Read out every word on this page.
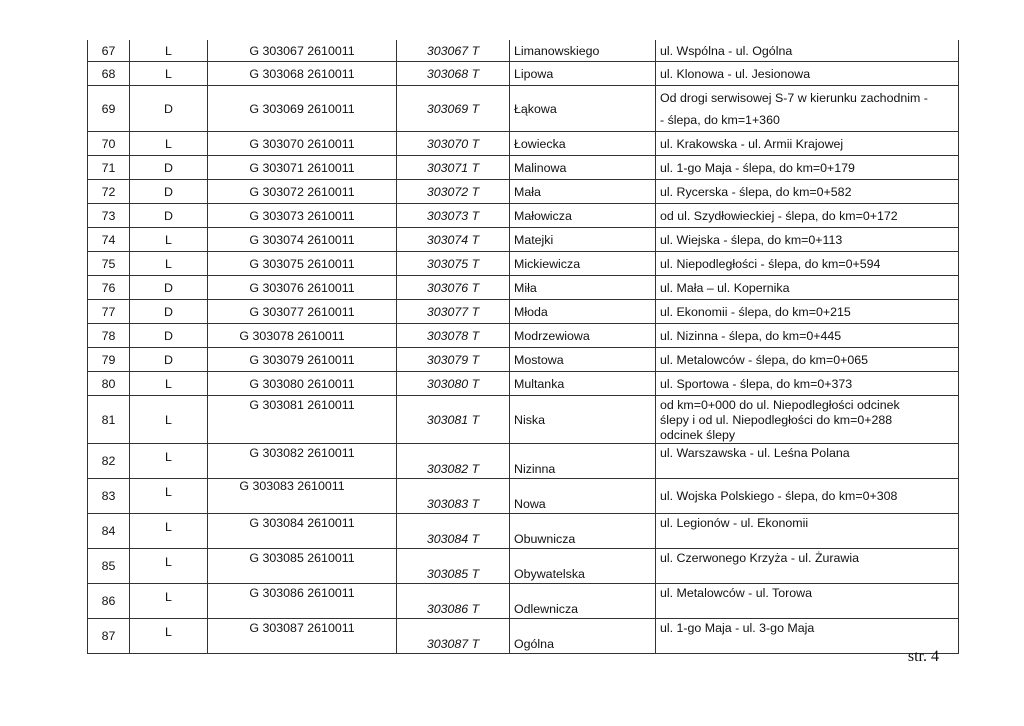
67	L	G 303067 2610011	303067 T	Limanowskiego	ul. Wspólna - ul. Ogólna
68	L	G 303068 2610011	303068 T	Lipowa	ul. Klonowa - ul. Jesionowa
69	D	G 303069 2610011	303069 T	Łąkowa	Od drogi serwisowej S-7 w kierunku zachodnim -
- ślepa, do km=1+360

70	L	G 303070 2610011	303070 T	Łowiecka	ul. Krakowska - ul. Armii Krajowej
71	D	G 303071 2610011	303071 T	Malinowa	ul. 1-go Maja - ślepa, do km=0+179
72	D	G 303072 2610011	303072 T	Mała	ul. Rycerska - ślepa, do km=0+582
73	D	G 303073 2610011	303073 T	Małowicza	od ul. Szydłowieckiej - ślepa, do km=0+172
74	L	G 303074 2610011	303074 T	Matejki	ul. Wiejska - ślepa, do km=0+113
75	L	G 303075 2610011	303075 T	Mickiewicza	ul. Niepodległości - ślepa, do km=0+594
76	D	G 303076 2610011	303076 T	Miła	ul. Mała – ul. Kopernika
77	D	G 303077 2610011	303077 T	Młoda	ul. Ekonomii - ślepa, do km=0+215
78	D	G 303078 2610011	303078 T	Modrzewiowa	ul. Nizinna - ślepa, do km=0+445
79	D	G 303079 2610011	303079 T	Mostowa	ul. Metalowców - ślepa, do km=0+065
80	L	G 303080 2610011	303080 T	Multanka	ul. Sportowa - ślepa, do km=0+373
81	L	G 303081 2610011	303081 T	Niska	od km=0+000 do ul. Niepodległości odcinek
ślepy i od ul. Niepodległości do km=0+288
odcinek ślepy

82	L	G 303082 2610011	303082 T	Nizinna	ul. Warszawska - ul. Leśna Polana
83	L	G 303083 2610011	303083 T	Nowa	ul. Wojska Polskiego - ślepa, do km=0+308
84	L	G 303084 2610011	303084 T	Obuwnicza	ul. Legionów - ul. Ekonomii
85	L	G 303085 2610011	303085 T	Obywatelska	ul. Czerwonego Krzyża - ul. Żurawia
86	L	G 303086 2610011	303086 T	Odlewnicza	ul. Metalowców - ul. Torowa
87	L	G 303087 2610011	303087 T	Ogólna	ul. 1-go Maja - ul. 3-go Maja
str. 4
